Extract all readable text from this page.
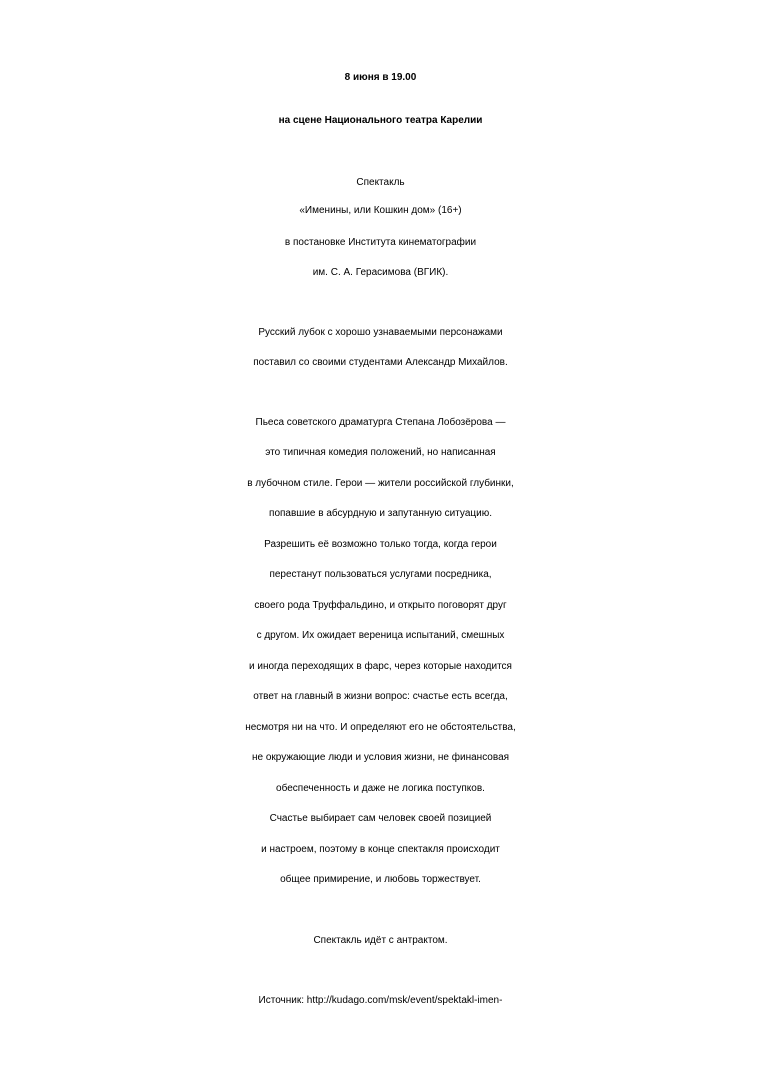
8 июня в 19.00
на сцене Национального театра Карелии
Спектакль
«Именины, или Кошкин дом» (16+)
в постановке Института кинематографии
им. С. А. Герасимова (ВГИК).
Русский лубок с хорошо узнаваемыми персонажами
поставил со своими студентами Александр Михайлов.
Пьеса советского драматурга Степана Лобозёрова —
это типичная комедия положений, но написанная
в лубочном стиле. Герои — жители российской глубинки,
попавшие в абсурдную и запутанную ситуацию.
Разрешить её возможно только тогда, когда герои
перестанут пользоваться услугами посредника,
своего рода Труффальдино, и открыто поговорят друг
с другом. Их ожидает вереница испытаний, смешных
и иногда переходящих в фарс, через которые находится
ответ на главный в жизни вопрос: счастье есть всегда,
несмотря ни на что. И определяют его не обстоятельства,
не окружающие люди и условия жизни, не финансовая
обеспеченность и даже не логика поступков.
Счастье выбирает сам человек своей позицией
и настроем, поэтому в конце спектакля происходит
общее примирение, и любовь торжествует.
Спектакль идёт с антрактом.
Источник: http://kudago.com/msk/event/spektakl-imen-
